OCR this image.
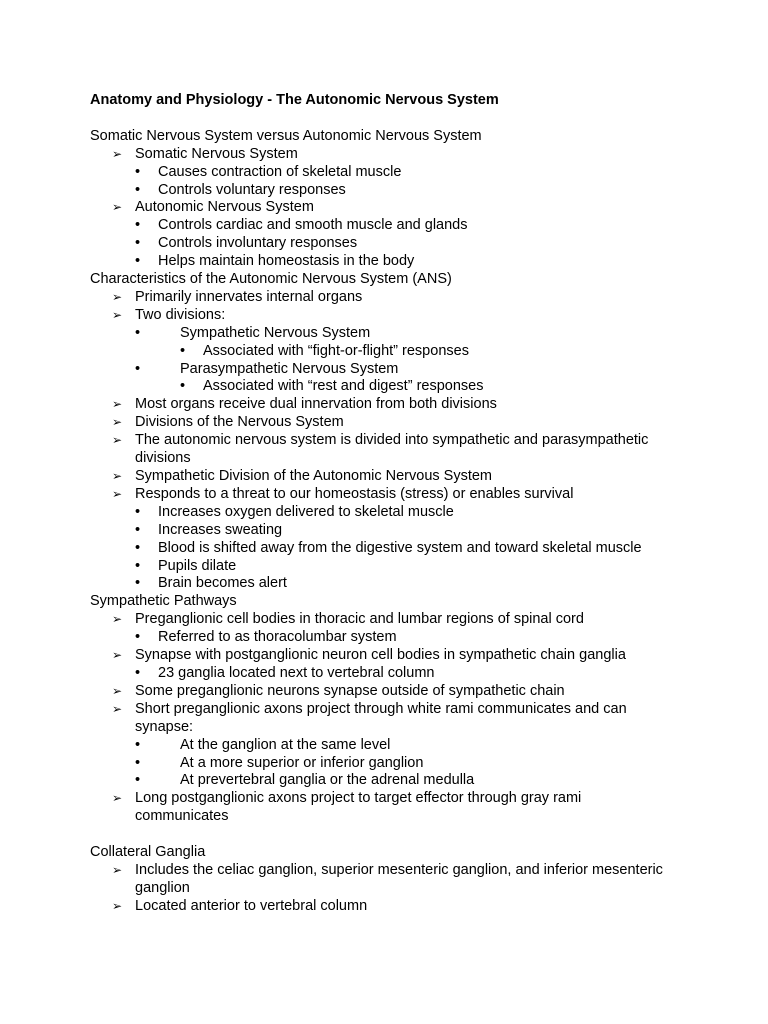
Anatomy and Physiology - The Autonomic Nervous System
Somatic Nervous System versus Autonomic Nervous System
➢ Somatic Nervous System
• Causes contraction of skeletal muscle
• Controls voluntary responses
➢ Autonomic Nervous System
• Controls cardiac and smooth muscle and glands
• Controls involuntary responses
• Helps maintain homeostasis in the body
Characteristics of the Autonomic Nervous System (ANS)
➢ Primarily innervates internal organs
➢ Two divisions:
•	Sympathetic Nervous System
• Associated with “fight-or-flight” responses
•	Parasympathetic Nervous System
• Associated with “rest and digest” responses
➢ Most organs receive dual innervation from both divisions
➢ Divisions of the Nervous System
➢ The autonomic nervous system is divided into sympathetic and parasympathetic divisions
➢ Sympathetic Division of the Autonomic Nervous System
➢ Responds to a threat to our homeostasis (stress) or enables survival
• Increases oxygen delivered to skeletal muscle
• Increases sweating
• Blood is shifted away from the digestive system and toward skeletal muscle
• Pupils dilate
• Brain becomes alert
Sympathetic Pathways
➢ Preganglionic cell bodies in thoracic and lumbar regions of spinal cord
• Referred to as thoracolumbar system
➢ Synapse with postganglionic neuron cell bodies in sympathetic chain ganglia
• 23 ganglia located next to vertebral column
➢ Some preganglionic neurons synapse outside of sympathetic chain
➢ Short preganglionic axons project through white rami communicates and can synapse:
•	At the ganglion at the same level
•	At a more superior or inferior ganglion
•	At prevertebral ganglia or the adrenal medulla
➢ Long postganglionic axons project to target effector through gray rami communicates
Collateral Ganglia
➢ Includes the celiac ganglion, superior mesenteric ganglion, and inferior mesenteric ganglion
➢ Located anterior to vertebral column
